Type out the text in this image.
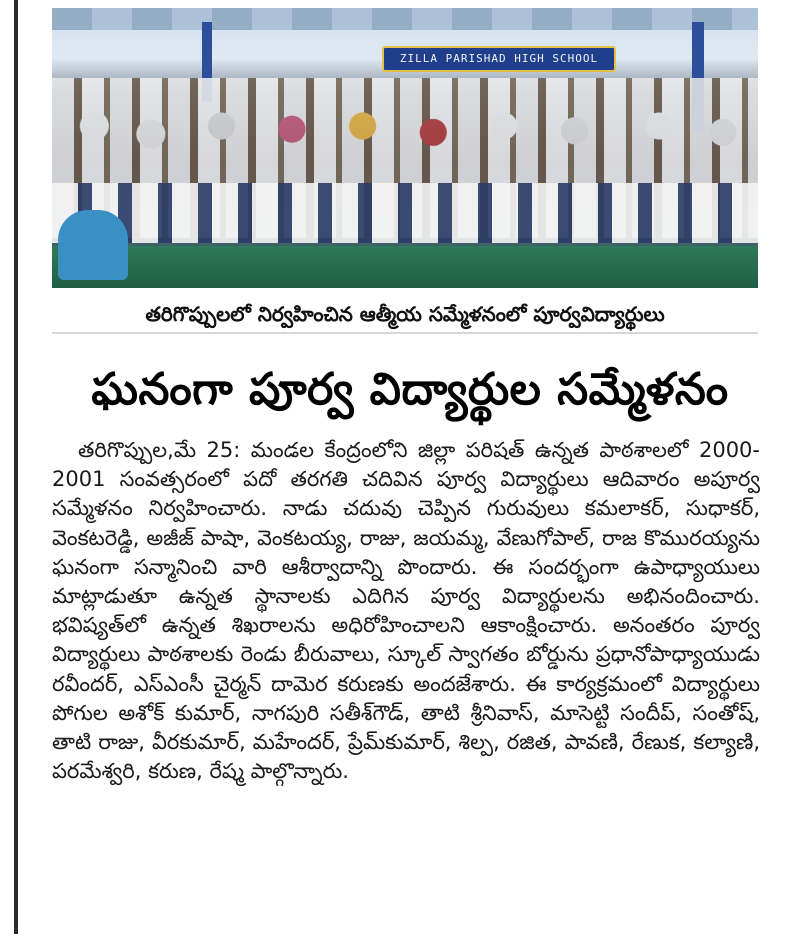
ZILLA PARISHAD HIGH SCHOOL
తరిగొప్పులలో నిర్వహించిన ఆత్మీయ సమ్మేళనంలో పూర్వవిద్యార్థులు
ఘనంగా పూర్వ విద్యార్థుల సమ్మేళనం

తరిగొప్పుల,మే 25: మండల కేంద్రంలోని జిల్లా పరిషత్ ఉన్నత పాఠశాలలో 2000-2001 సంవత్సరంలో పదో తరగతి చదివిన పూర్వ విద్యార్థులు ఆదివారం అపూర్వ సమ్మేళనం నిర్వహించారు. నాడు చదువు చెప్పిన గురువులు కమలాకర్, సుధాకర్, వెంకటరెడ్డి, అజీజ్ పాషా, వెంకటయ్య, రాజు, జయమ్మ, వేణుగోపాల్, రాజ కొమురయ్యను ఘనంగా సన్మానించి వారి ఆశీర్వాదాన్ని పొందారు. ఈ సందర్భంగా ఉపాధ్యాయులు మాట్లాడుతూ ఉన్నత స్థానాలకు ఎదిగిన పూర్వ విద్యార్థులను అభినందించారు. భవిష్యత్‌లో ఉన్నత శిఖరాలను అధిరోహించాలని ఆకాంక్షించారు. అనంతరం పూర్వ విద్యార్థులు పాఠశాలకు రెండు బీరువాలు, స్కూల్ స్వాగతం బోర్డును ప్రధానోపాధ్యాయుడు రవీందర్, ఎస్ఎంసీ చైర్మన్ దామెర కరుణకు అందజేశారు. ఈ కార్యక్రమంలో విద్యార్థులు పోగుల అశోక్ కుమార్, నాగపురి సతీశ్‌గౌడ్, తాటి శ్రీనివాస్, మాసెట్టి సందీప్, సంతోష్, తాటి రాజు, వీరకుమార్, మహేందర్, ప్రేమ్‌కుమార్, శిల్ప, రజిత, పావణి, రేణుక, కల్యాణి, పరమేశ్వరి, కరుణ, రేష్మ పాల్గొన్నారు.
